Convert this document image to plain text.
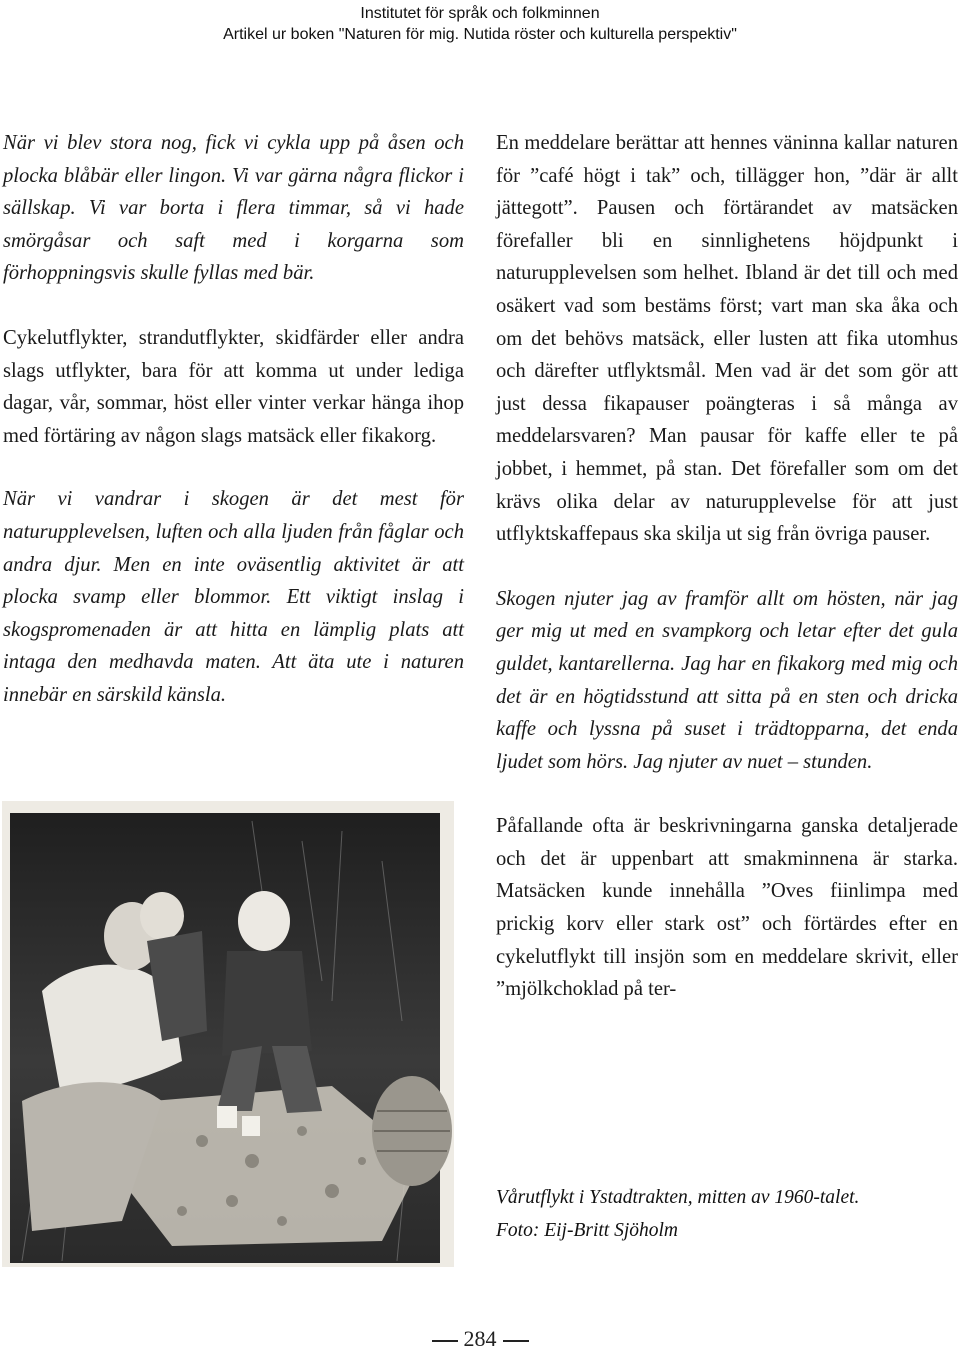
Institutet för språk och folkminnen
Artikel ur boken "Naturen för mig. Nutida röster och kulturella perspektiv"

När vi blev stora nog, fick vi cykla upp på åsen och plocka blåbär eller lingon. Vi var gärna några flickor i sällskap. Vi var borta i flera timmar, så vi hade smörgåsar och saft med i korgarna som förhoppningsvis skulle fyllas med bär.

Cykelutflykter, strandutflykter, skidfärder eller andra slags utflykter, bara för att komma ut under lediga dagar, vår, sommar, höst eller vinter verkar hänga ihop med förtäring av någon slags matsäck eller fikakorg.

När vi vandrar i skogen är det mest för naturupplevelsen, luften och alla ljuden från fåglar och andra djur. Men en inte oväsentlig aktivitet är att plocka svamp eller blommor. Ett viktigt inslag i skogspromenaden är att hitta en lämplig plats att intaga den medhavda maten. Att äta ute i naturen innebär en särskild känsla.

En meddelare berättar att hennes väninna kallar naturen för ”café högt i tak” och, tillägger hon, ”där är allt jättegott”. Pausen och förtärandet av matsäcken förefaller bli en sinnlighetens höjdpunkt i naturupplevelsen som helhet. Ibland är det till och med osäkert vad som bestäms först; vart man ska åka och om det behövs matsäck, eller lusten att fika utomhus och därefter utflyktsmål. Men vad är det som gör att just dessa fikapauser poängteras i så många av meddelarsvaren? Man pausar för kaffe eller te på jobbet, i hemmet, på stan. Det förefaller som om det krävs olika delar av naturupplevelse för att just utflyktskaffepaus ska skilja ut sig från övriga pauser.

Skogen njuter jag av framför allt om hösten, när jag ger mig ut med en svampkorg och letar efter det gula guldet, kantarellerna. Jag har en fikakorg med mig och det är en högtidsstund att sitta på en sten och dricka kaffe och lyssna på suset i trädtopparna, det enda ljudet som hörs. Jag njuter av nuet – stunden.

Påfallande ofta är beskrivningarna ganska detaljerade och det är uppenbart att smakminnena är starka. Matsäcken kunde innehålla ”Oves fiinlimpa med prickig korv eller stark ost” och förtärdes efter en cykelutflykt till insjön som en meddelare skrivit, eller ”mjölkchoklad på ter-

Vårutflykt i Ystadtrakten, mitten av 1960-talet.
Foto: Eij-Britt Sjöholm
284
